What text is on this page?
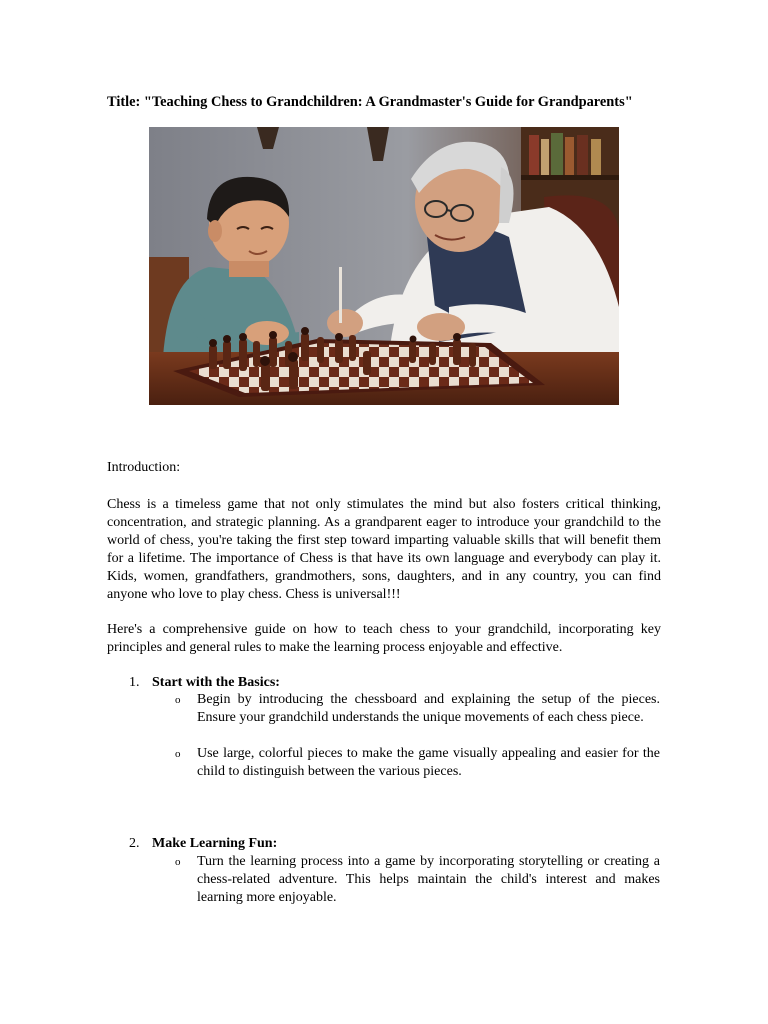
Title: "Teaching Chess to Grandchildren: A Grandmaster's Guide for Grandparents"
Introduction:
Chess is a timeless game that not only stimulates the mind but also fosters critical thinking, concentration, and strategic planning. As a grandparent eager to introduce your grandchild to the world of chess, you're taking the first step toward imparting valuable skills that will benefit them for a lifetime. The importance of Chess is that have its own language and everybody can play it. Kids, women, grandfathers, grandmothers, sons, daughters, and in any country, you can find anyone who love to play chess. Chess is universal!!!
Here's a comprehensive guide on how to teach chess to your grandchild, incorporating key principles and general rules to make the learning process enjoyable and effective.
1. Start with the Basics:
o Begin by introducing the chessboard and explaining the setup of the pieces. Ensure your grandchild understands the unique movements of each chess piece.
o Use large, colorful pieces to make the game visually appealing and easier for the child to distinguish between the various pieces.
2. Make Learning Fun:
o Turn the learning process into a game by incorporating storytelling or creating a chess-related adventure. This helps maintain the child's interest and makes learning more enjoyable.
